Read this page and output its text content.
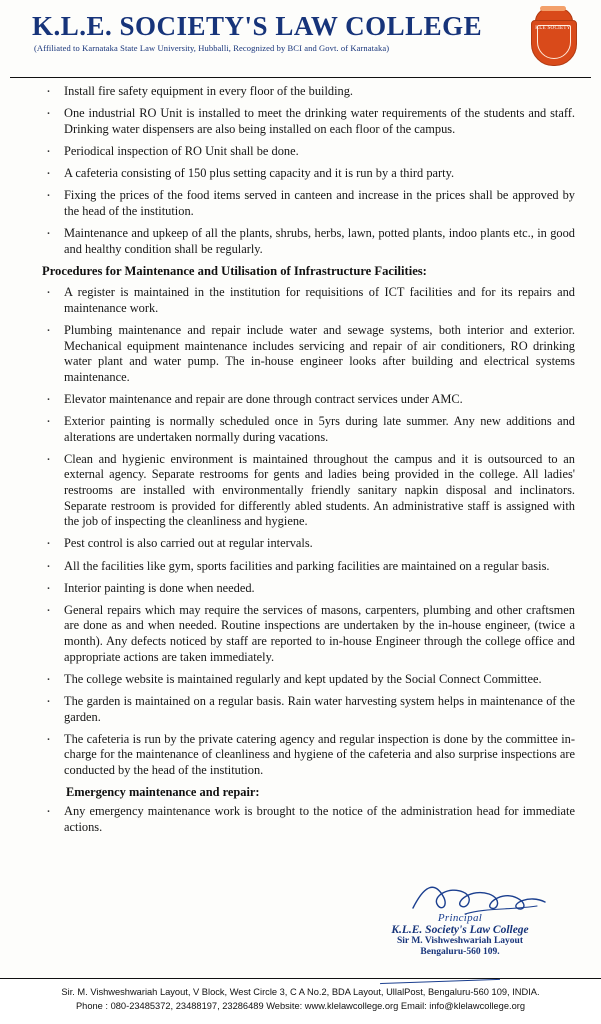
K.L.E. SOCIETY'S LAW COLLEGE
(Affiliated to Karnataka State Law University, Hubballi, Recognized by BCI and Govt. of Karnataka)
KLE SOCIETY
· Install fire safety equipment in every floor of the building.
· One industrial RO Unit is installed to meet the drinking water requirements of the students and staff. Drinking water dispensers are also being installed on each floor of the campus.
· Periodical inspection of RO Unit shall be done.
· A cafeteria consisting of 150 plus setting capacity and it is run by a third party.
· Fixing the prices of the food items served in canteen and increase in the prices shall be approved by the head of the institution.
· Maintenance and upkeep of all the plants, shrubs, herbs, lawn, potted plants, indoo plants etc., in good and healthy condition shall be regularly.
Procedures for Maintenance and Utilisation of Infrastructure Facilities:
· A register is maintained in the institution for requisitions of ICT facilities and for its repairs and maintenance work.
· Plumbing maintenance and repair include water and sewage systems, both interior and exterior. Mechanical equipment maintenance includes servicing and repair of air conditioners, RO drinking water plant and water pump. The in-house engineer looks after building and electrical systems maintenance.
· Elevator maintenance and repair are done through contract services under AMC.
· Exterior painting is normally scheduled once in 5yrs during late summer. Any new additions and alterations are undertaken normally during vacations.
· Clean and hygienic environment is maintained throughout the campus and it is outsourced to an external agency. Separate restrooms for gents and ladies being provided in the college. All ladies' restrooms are installed with environmentally friendly sanitary napkin disposal and inclinators. Separate restroom is provided for differently abled students. An administrative staff is assigned with the job of inspecting the cleanliness and hygiene.
· Pest control is also carried out at regular intervals.
· All the facilities like gym, sports facilities and parking facilities are maintained on a regular basis.
· Interior painting is done when needed.
· General repairs which may require the services of masons, carpenters, plumbing and other craftsmen are done as and when needed. Routine inspections are undertaken by the in-house engineer, (twice a month). Any defects noticed by staff are reported to in-house Engineer through the college office and appropriate actions are taken immediately.
· The college website is maintained regularly and kept updated by the Social Connect Committee.
· The garden is maintained on a regular basis. Rain water harvesting system helps in maintenance of the garden.
· The cafeteria is run by the private catering agency and regular inspection is done by the committee in-charge for the maintenance of cleanliness and hygiene of the cafeteria and also surprise inspections are conducted by the head of the institution.
Emergency maintenance and repair:
· Any emergency maintenance work is brought to the notice of the administration head for immediate actions.
Principal
K.L.E. Society's Law College
Sir M. Vishweshwariah Layout
Bengaluru-560 109.
Sir. M. Vishweshwariah Layout, V Block, West Circle 3, C A No.2, BDA Layout, UllalPost, Bengaluru-560 109, INDIA.
Phone : 080-23485372, 23488197, 23286489 Website: www.klelawcollege.org Email: info@klelawcollege.org
